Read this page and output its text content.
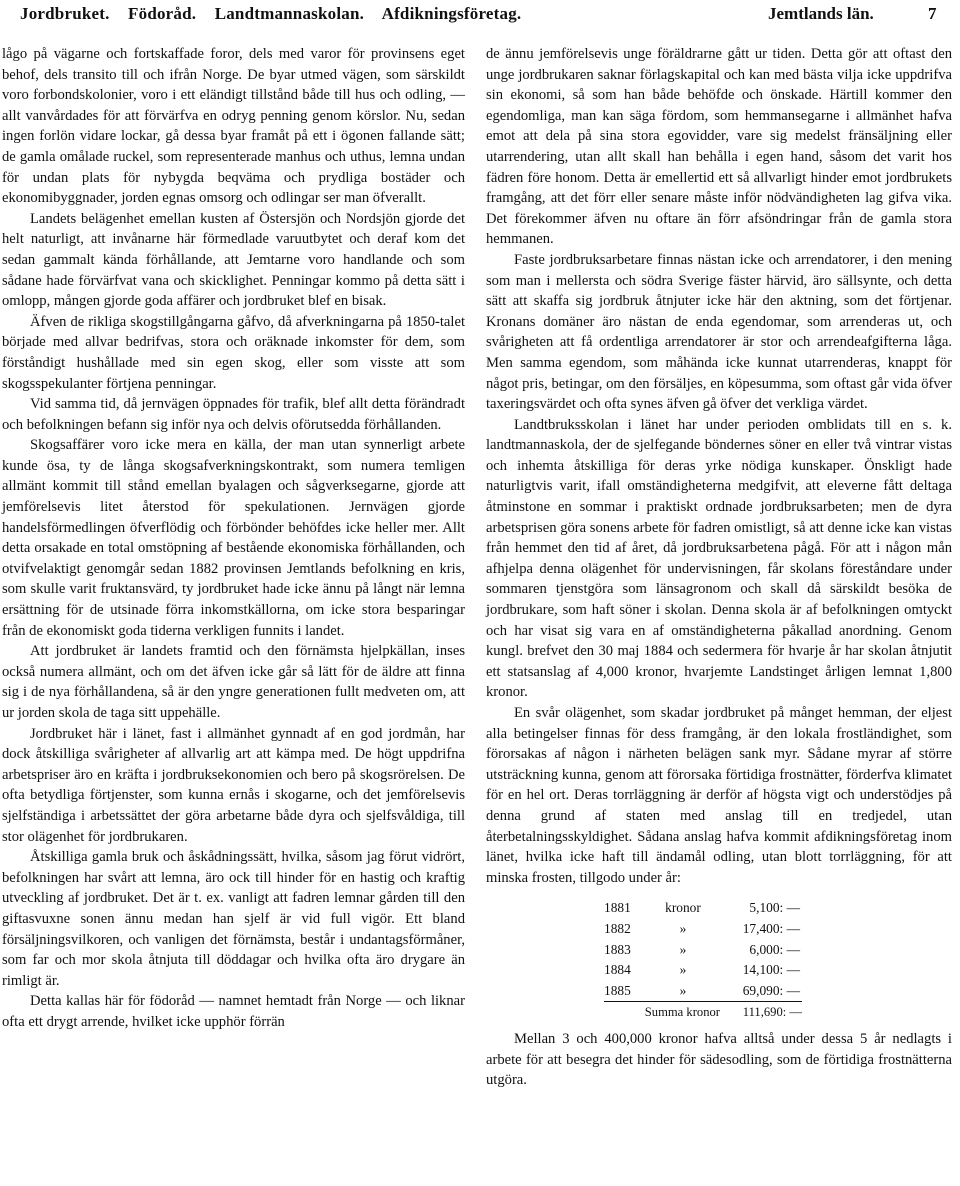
Jordbruket. Födoråd. Landtmannaskolan. Afdikningsföretag.	Jemtlands län.	7

lågo på vägarne och fortskaffade foror, dels med varor för provinsens eget behof, dels transito till och ifrån Norge. De byar utmed vägen, som särskildt voro forbondskolonier, voro i ett eländigt tillstånd både till hus och odling, — allt vanvårdades för att förvärfva en odryg penning genom körslor. Nu, sedan ingen forlön vidare lockar, gå dessa byar framåt på ett i ögonen fallande sätt; de gamla omålade ruckel, som representerade manhus och uthus, lemna undan för undan plats för nybygda beqväma och prydliga bostäder och ekonomibyggnader, jorden egnas omsorg och odlingar ser man öfverallt.

Landets belägenhet emellan kusten af Östersjön och Nordsjön gjorde det helt naturligt, att invånarne här förmedlade varuutbytet och deraf kom det sedan gammalt kända förhållande, att Jemtarne voro handlande och som sådane hade förvärfvat vana och skicklighet. Penningar kommo på detta sätt i omlopp, mången gjorde goda affärer och jordbruket blef en bisak.

Äfven de rikliga skogstillgångarna gåfvo, då afverkningarna på 1850-talet började med allvar bedrifvas, stora och oräknade inkomster för dem, som förståndigt hushållade med sin egen skog, eller som visste att som skogsspekulanter förtjena penningar.

Vid samma tid, då jernvägen öppnades för trafik, blef allt detta förändradt och befolkningen befann sig inför nya och delvis oförutsedda förhållanden.

Skogsaffärer voro icke mera en källa, der man utan synnerligt arbete kunde ösa, ty de långa skogsafverkningskontrakt, som numera temligen allmänt kommit till stånd emellan byalagen och sågverksegarne, gjorde att jemförelsevis litet återstod för spekulationen. Jernvägen gjorde handelsförmedlingen öfverflödig och förbönder behöfdes icke heller mer. Allt detta orsakade en total omstöpning af bestående ekonomiska förhållanden, och otvifvelaktigt genomgår sedan 1882 provinsen Jemtlands befolkning en kris, som skulle varit fruktansvärd, ty jordbruket hade icke ännu på långt när lemna ersättning för de utsinade förra inkomstkällorna, om icke stora besparingar från de ekonomiskt goda tiderna verkligen funnits i landet.

Att jordbruket är landets framtid och den förnämsta hjelpkällan, inses också numera allmänt, och om det äfven icke går så lätt för de äldre att finna sig i de nya förhållandena, så är den yngre generationen fullt medveten om, att ur jorden skola de taga sitt uppehälle.

Jordbruket här i länet, fast i allmänhet gynnadt af en god jordmån, har dock åtskilliga svårigheter af allvarlig art att kämpa med. De högt uppdrifna arbetspriser äro en kräfta i jordbruksekonomien och bero på skogsrörelsen. De ofta betydliga förtjenster, som kunna ernås i skogarne, och det jemförelsevis sjelfständiga i arbetssättet der göra arbetarne både dyra och sjelfsvåldiga, till stor olägenhet för jordbrukaren.

Åtskilliga gamla bruk och åskådningssätt, hvilka, såsom jag förut vidrört, befolkningen har svårt att lemna, äro ock till hinder för en hastig och kraftig utveckling af jordbruket. Det är t. ex. vanligt att fadren lemnar gården till den giftasvuxne sonen ännu medan han sjelf är vid full vigör. Ett bland försäljningsvilkoren, och vanligen det förnämsta, består i undantagsförmåner, som far och mor skola åtnjuta till döddagar och hvilka ofta äro drygare än rimligt är.

Detta kallas här för födoråd — namnet hemtadt från Norge — och liknar ofta ett drygt arrende, hvilket icke upphör förrän

de ännu jemförelsevis unge föräldrarne gått ur tiden. Detta gör att oftast den unge jordbrukaren saknar förlagskapital och kan med bästa vilja icke uppdrifva sin ekonomi, så som han både behöfde och önskade. Härtill kommer den egendomliga, man kan säga fördom, som hemmansegarne i allmänhet hafva emot att dela på sina stora egovidder, vare sig medelst fränsäljning eller utarrendering, utan allt skall han behålla i egen hand, såsom det varit hos fädren före honom. Detta är emellertid ett så allvarligt hinder emot jordbrukets framgång, att det förr eller senare måste inför nödvändigheten lag gifva vika. Det förekommer äfven nu oftare än förr afsöndringar från de gamla stora hemmanen.

Faste jordbruksarbetare finnas nästan icke och arrendatorer, i den mening som man i mellersta och södra Sverige fäster härvid, äro sällsynte, och detta sätt att skaffa sig jordbruk åtnjuter icke här den aktning, som det förtjenar. Kronans domäner äro nästan de enda egendomar, som arrenderas ut, och svårigheten att få ordentliga arrendatorer är stor och arrendeafgifterna låga. Men samma egendom, som måhända icke kunnat utarrenderas, knappt för något pris, betingar, om den försäljes, en köpesumma, som oftast går vida öfver taxeringsvärdet och ofta synes äfven gå öfver det verkliga värdet.

Landtbruksskolan i länet har under perioden omblidats till en s. k. landtmannaskola, der de sjelfegande böndernes söner en eller två vintrar vistas och inhemta åtskilliga för deras yrke nödiga kunskaper. Önskligt hade naturligtvis varit, ifall omständigheterna medgifvit, att eleverne fått deltaga åtminstone en sommar i praktiskt ordnade jordbruksarbeten; men de dyra arbetsprisen göra sonens arbete för fadren omistligt, så att denne icke kan vistas från hemmet den tid af året, då jordbruksarbetena pågå. För att i någon mån afhjelpa denna olägenhet för undervisningen, får skolans föreståndare under sommaren tjenstgöra som länsagronom och skall då särskildt besöka de jordbrukare, som haft söner i skolan. Denna skola är af befolkningen omtyckt och har visat sig vara en af omständigheterna påkallad anordning. Genom kungl. brefvet den 30 maj 1884 och sedermera för hvarje år har skolan åtnjutit ett statsanslag af 4,000 kronor, hvarjemte Landstinget årligen lemnat 1,800 kronor.

En svår olägenhet, som skadar jordbruket på månget hemman, der eljest alla betingelser finnas för dess framgång, är den lokala frostländighet, som förorsakas af någon i närheten belägen sank myr. Sådane myrar af större utsträckning kunna, genom att förorsaka förtidiga frostnätter, förderfva klimatet för en hel ort. Deras torrläggning är derför af högsta vigt och understödjes på denna grund af staten med anslag till en tredjedel, utan återbetalningsskyldighet. Sådana anslag hafva kommit afdikningsföretag inom länet, hvilka icke haft till ändamål odling, utan blott torrläggning, för att minska frosten, tillgodo under år:

1881	kronor	5,100: —
1882	»	17,400: —
1883	»	6,000: —
1884	»	14,100: —
1885	»	69,090: —
Summa kronor	111,690: —

Mellan 3 och 400,000 kronor hafva alltså under dessa 5 år nedlagts i arbete för att besegra det hinder för sädesodling, som de förtidiga frostnätterna utgöra.
